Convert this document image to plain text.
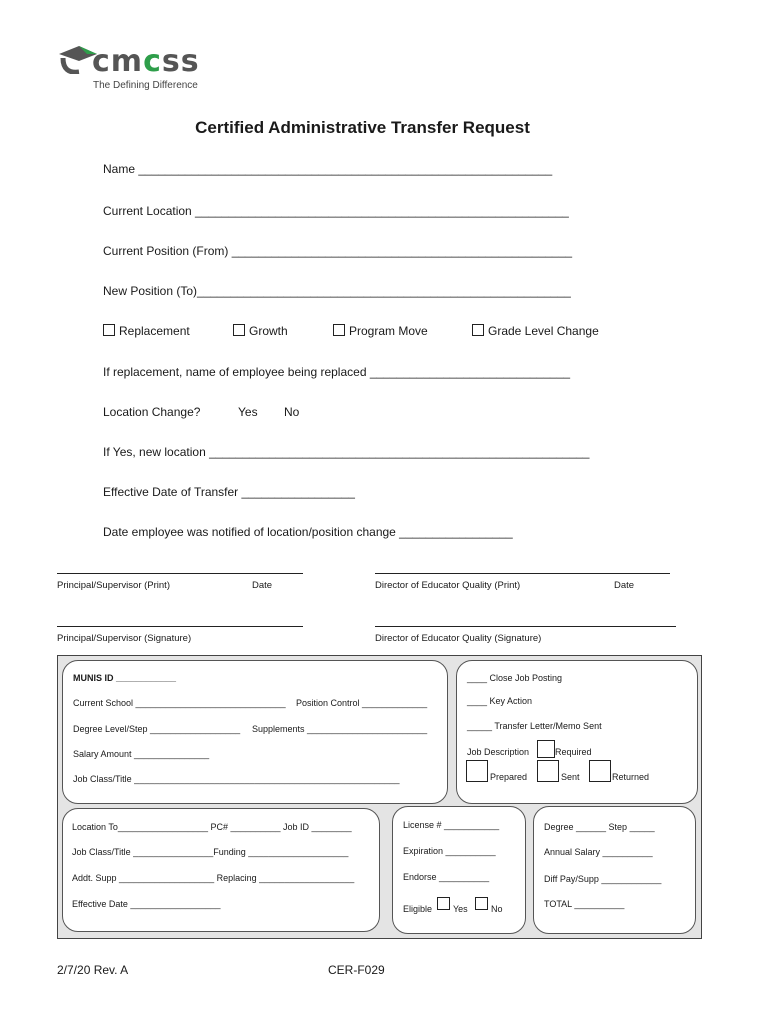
cmcss
The Defining Difference
Certified Administrative Transfer Request
Name ______________________________________________________________
Current Location ________________________________________________________
Current Position (From) ___________________________________________________
New Position (To)________________________________________________________
Replacement	Growth	Program Move	Grade Level Change
If replacement, name of employee being replaced ______________________________
Location Change?	Yes No
If Yes, new location _________________________________________________________
Effective Date of Transfer _________________
Date employee was notified of location/position change _________________
Principal/Supervisor (Print)	Date	Director of Educator Quality (Print)	Date
Principal/Supervisor (Signature)	Director of Educator Quality (Signature)
MUNIS ID ____________
Current School ______________________________ Position Control _____________
Degree Level/Step __________________ Supplements ________________________
Salary Amount _______________
Job Class/Title _____________________________________________________
____ Close Job Posting
____ Key Action
_____ Transfer Letter/Memo Sent
Job Description	Required
Prepared	Sent	Returned
Location To__________________ PC# __________ Job ID ________
Job Class/Title ________________Funding ____________________
Addt. Supp ___________________ Replacing ___________________
Effective Date __________________
License # ___________
Expiration __________
Endorse __________
Eligible Yes	No
Degree ______ Step _____
Annual Salary __________
Diff Pay/Supp ____________
TOTAL __________
2/7/20 Rev. A	CER-F029
